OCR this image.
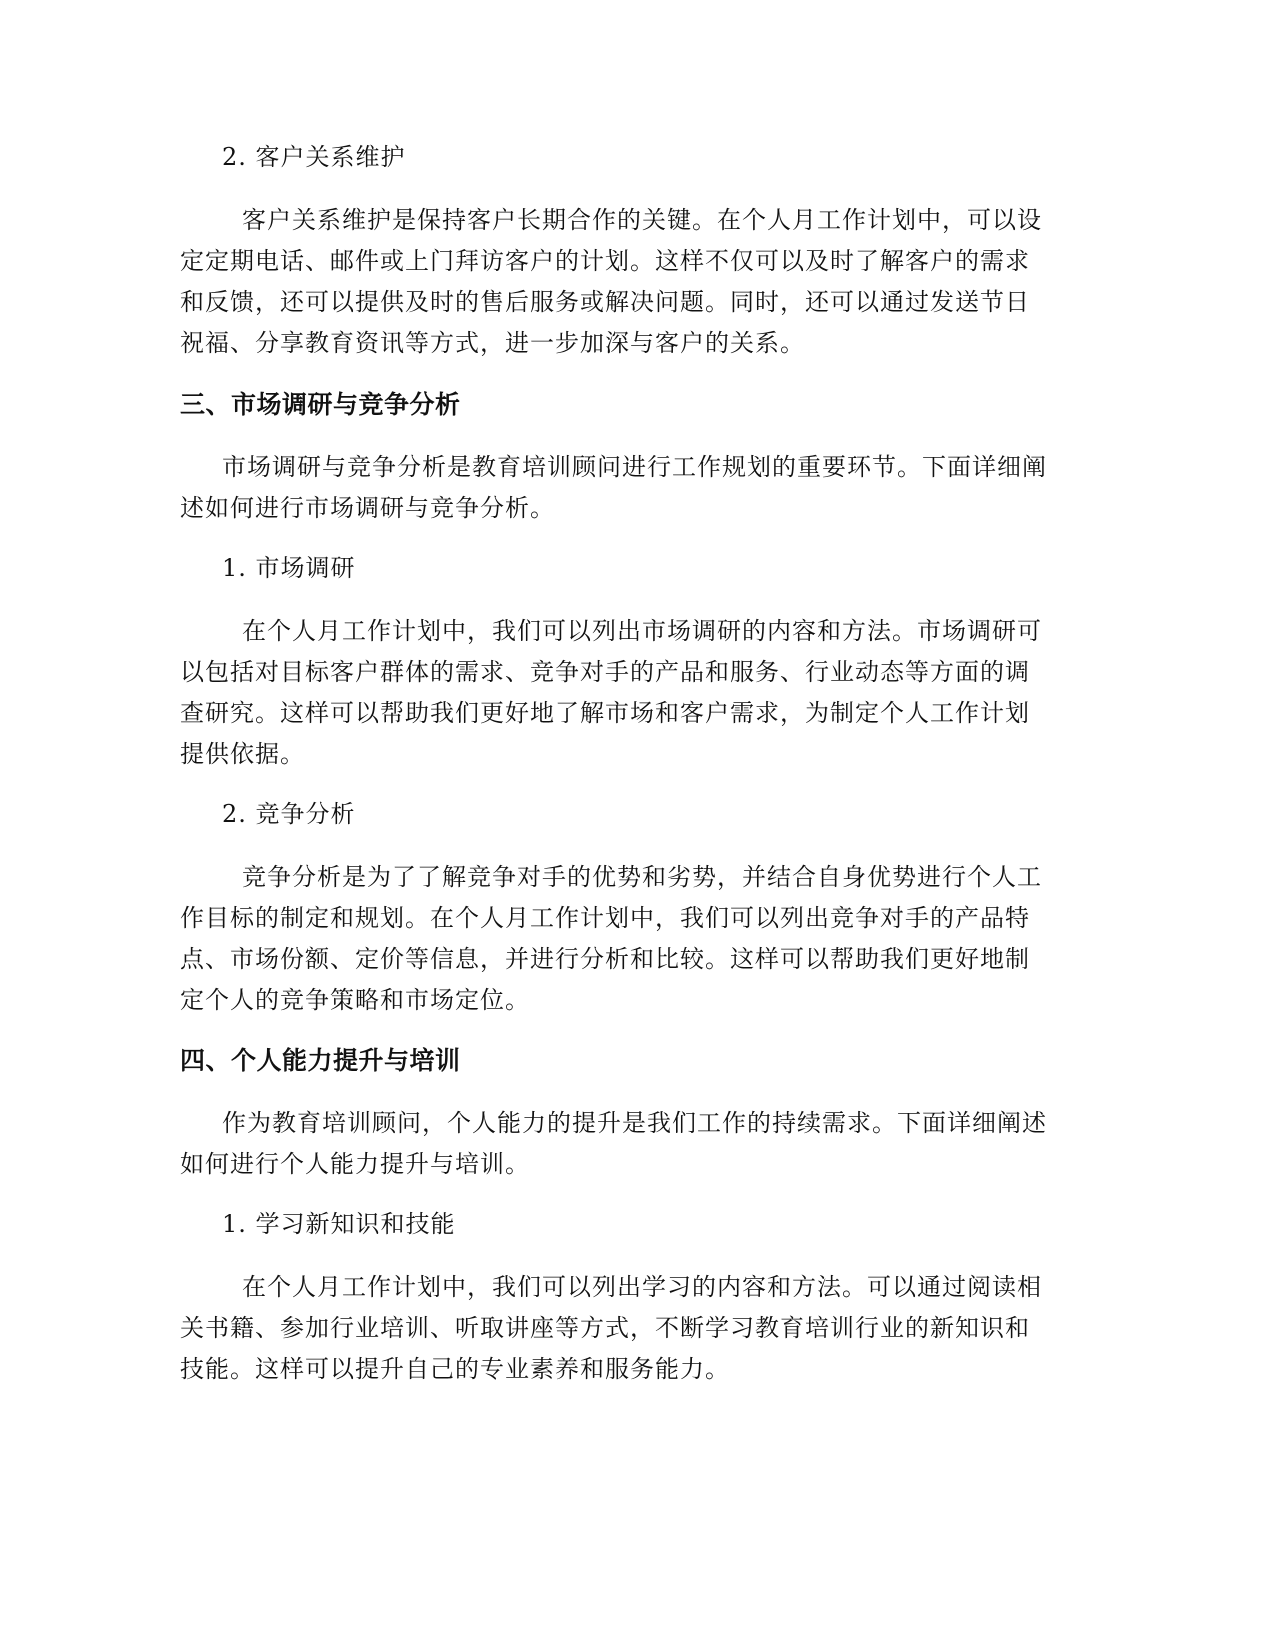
2. 客户关系维护

客户关系维护是保持客户长期合作的关键。在个人月工作计划中，可以设定定期电话、邮件或上门拜访客户的计划。这样不仅可以及时了解客户的需求和反馈，还可以提供及时的售后服务或解决问题。同时，还可以通过发送节日祝福、分享教育资讯等方式，进一步加深与客户的关系。

三、市场调研与竞争分析

市场调研与竞争分析是教育培训顾问进行工作规划的重要环节。下面详细阐述如何进行市场调研与竞争分析。

1. 市场调研

在个人月工作计划中，我们可以列出市场调研的内容和方法。市场调研可以包括对目标客户群体的需求、竞争对手的产品和服务、行业动态等方面的调查研究。这样可以帮助我们更好地了解市场和客户需求，为制定个人工作计划提供依据。

2. 竞争分析

竞争分析是为了了解竞争对手的优势和劣势，并结合自身优势进行个人工作目标的制定和规划。在个人月工作计划中，我们可以列出竞争对手的产品特点、市场份额、定价等信息，并进行分析和比较。这样可以帮助我们更好地制定个人的竞争策略和市场定位。

四、个人能力提升与培训

作为教育培训顾问，个人能力的提升是我们工作的持续需求。下面详细阐述如何进行个人能力提升与培训。

1. 学习新知识和技能

在个人月工作计划中，我们可以列出学习的内容和方法。可以通过阅读相关书籍、参加行业培训、听取讲座等方式，不断学习教育培训行业的新知识和技能。这样可以提升自己的专业素养和服务能力。
